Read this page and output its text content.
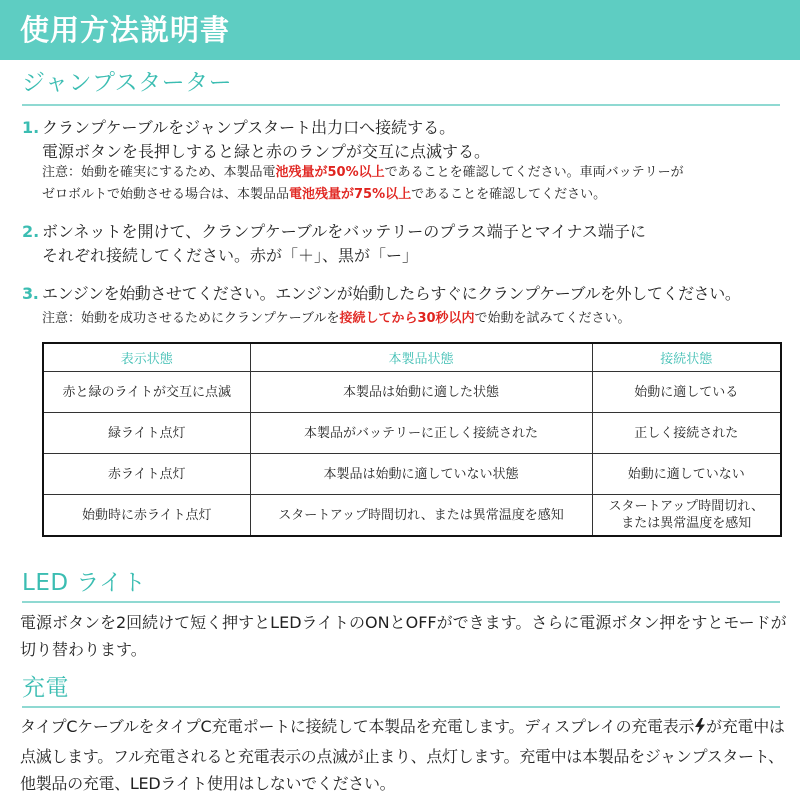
使用方法説明書
ジャンプスターター
1. クランプケーブルをジャンプスタート出力口へ接続する。
電源ボタンを長押しすると緑と赤のランプが交互に点滅する。
注意：始動を確実にするため、本製品電池残量が50%以上であることを確認してください。車両バッテリーが
ゼロボルトで始動させる場合は、本製品品電池残量が75%以上であることを確認してください。
2. ボンネットを開けて、クランプケーブルをバッテリーのプラス端子とマイナス端子に
それぞれ接続してください。赤が「＋」、黒が「ー」
3. エンジンを始動させてください。エンジンが始動したらすぐにクランプケーブルを外してください。
注意：始動を成功させるためにクランプケーブルを接続してから30秒以内で始動を試みてください。
表示状態	本製品状態	接続状態
赤と緑のライトが交互に点滅	本製品は始動に適した状態	始動に適している
緑ライト点灯	本製品がバッテリーに正しく接続された	正しく接続された
赤ライト点灯	本製品は始動に適していない状態	始動に適していない
始動時に赤ライト点灯	スタートアップ時間切れ、または異常温度を感知	スタートアップ時間切れ、
または異常温度を感知
LED ライト
電源ボタンを2回続けて短く押すとLEDライトのONとOFFができます。さらに電源ボタン押をすとモードが切り替わります。
充電
タイプCケーブルをタイプC充電ポートに接続して本製品を充電します。ディスプレイの充電表示 が充電中は点滅します。フル充電されると充電表示の点滅が止まり、点灯します。充電中は本製品をジャンプスタート、他製品の充電、LEDライト使用はしないでください。
